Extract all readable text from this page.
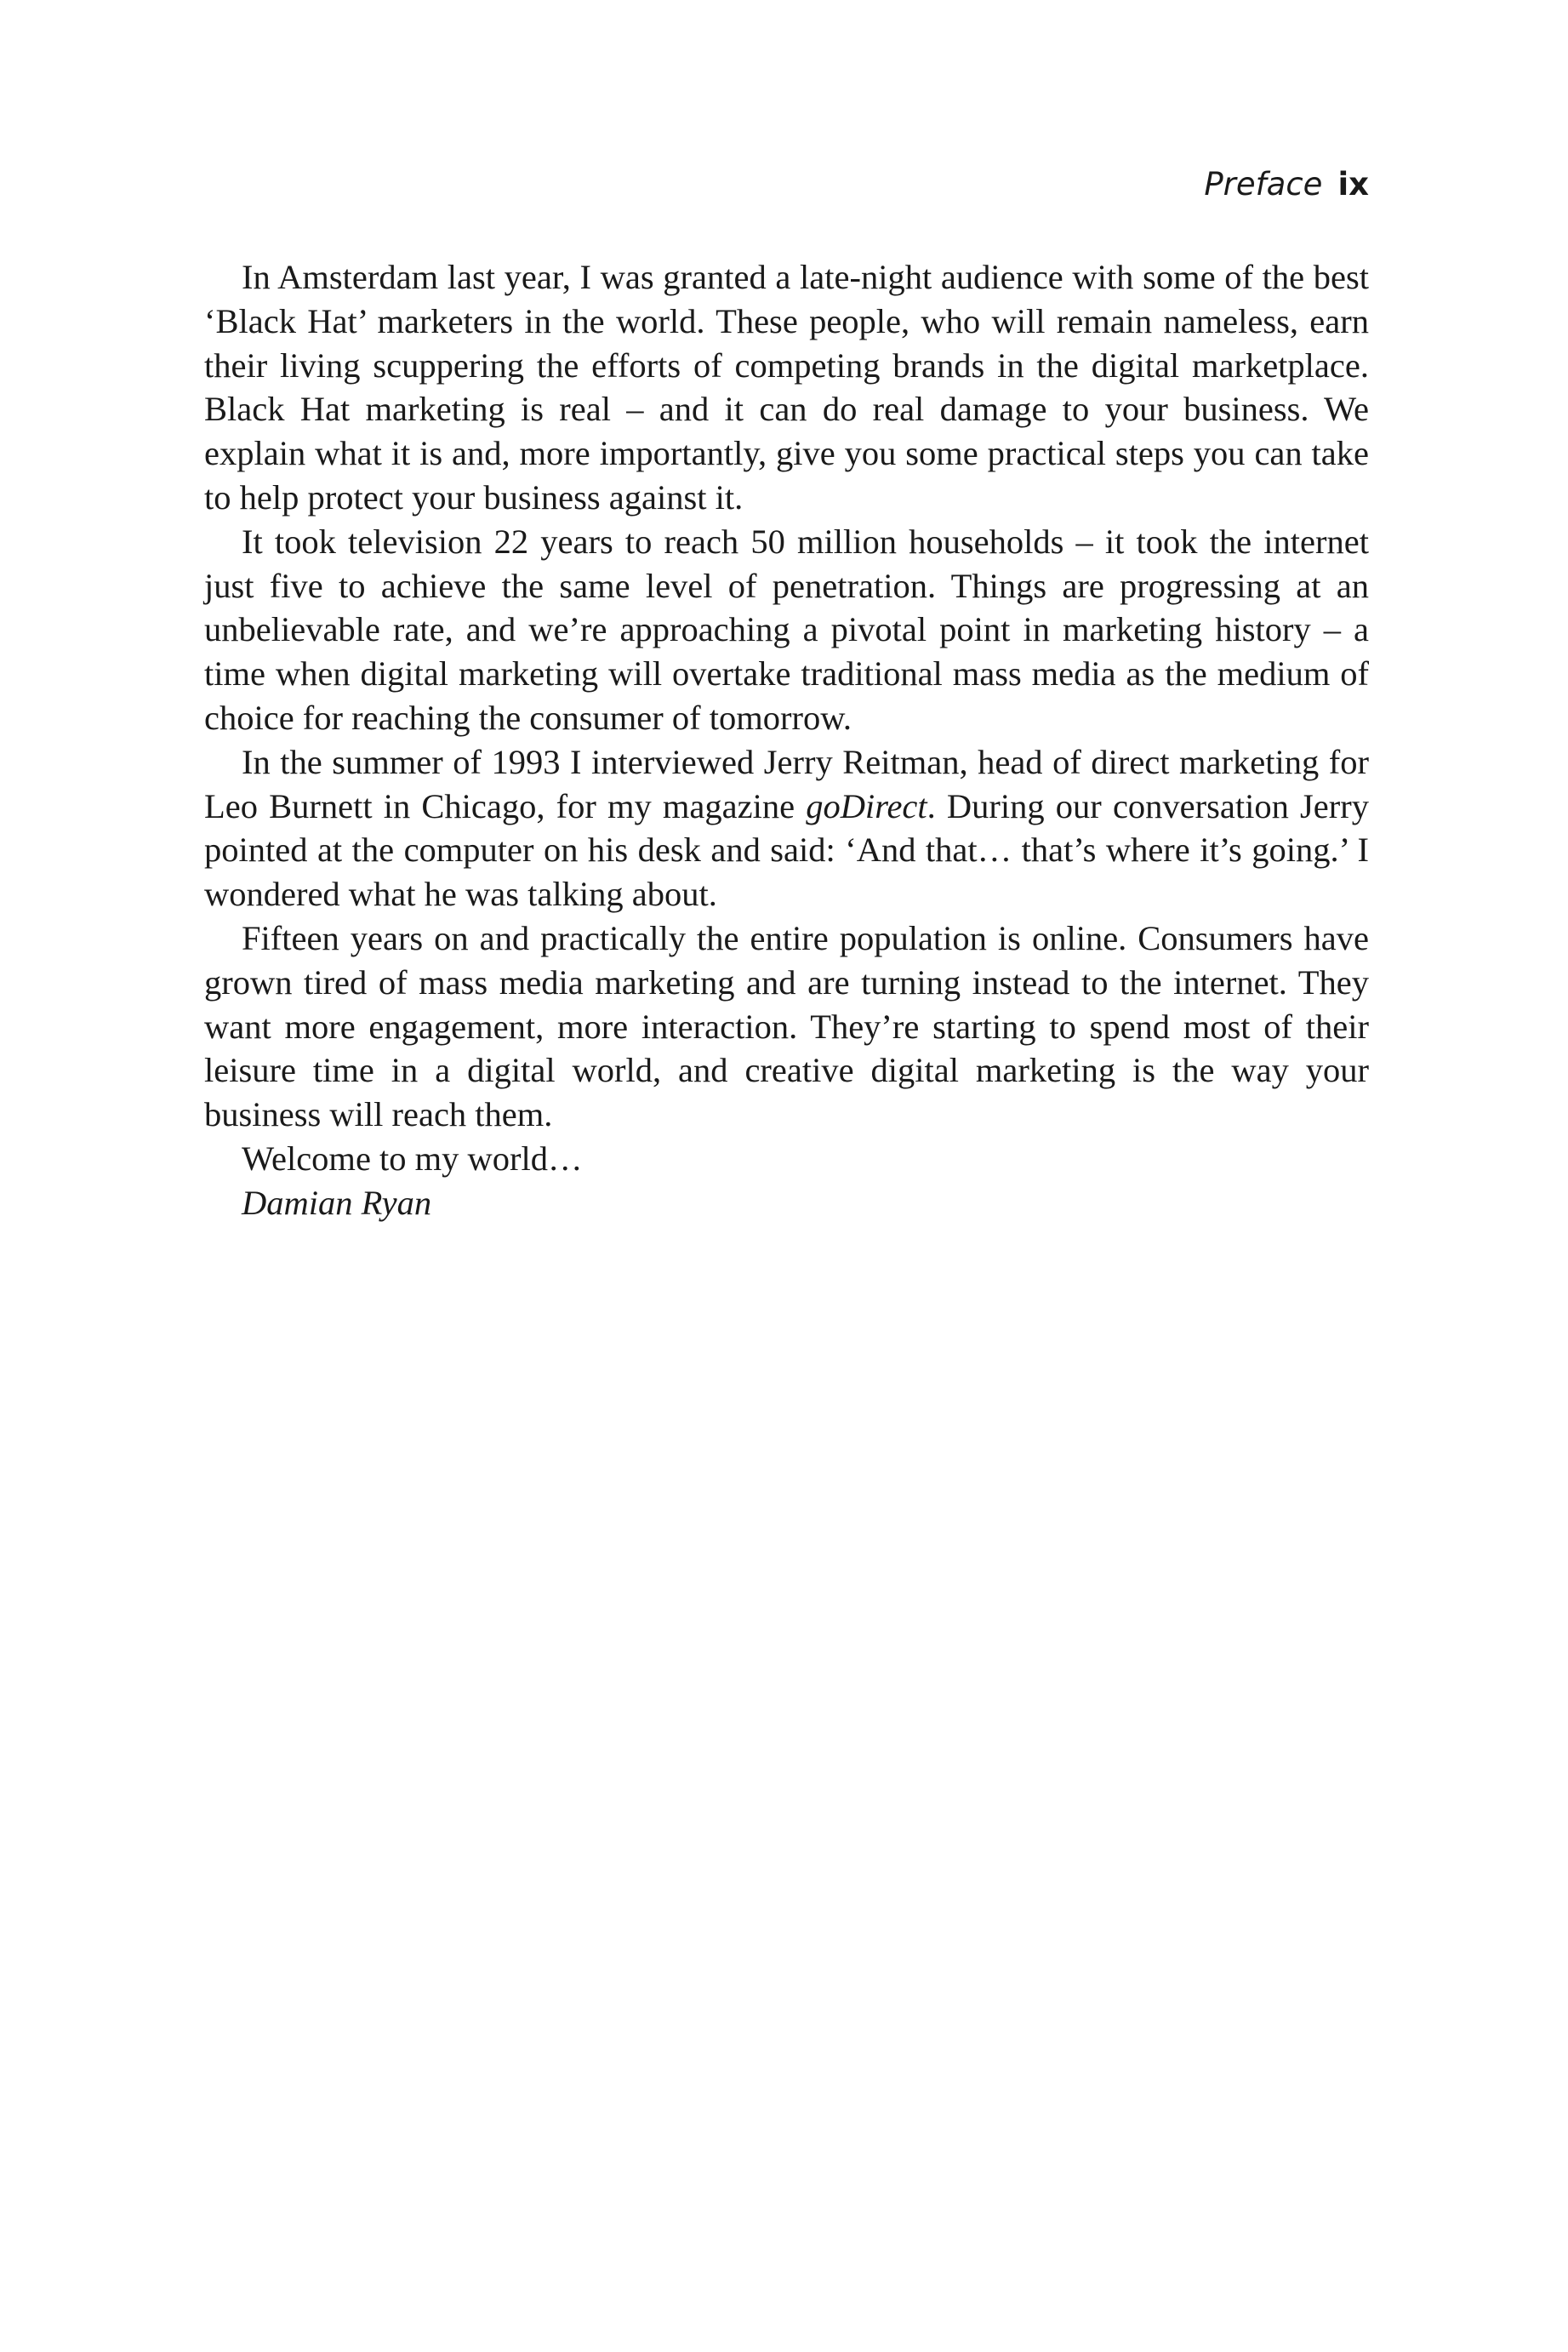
Preface ix

In Amsterdam last year, I was granted a late-night audience with some of the best ‘Black Hat’ marketers in the world. These people, who will remain nameless, earn their living scuppering the efforts of competing brands in the digital marketplace. Black Hat marketing is real – and it can do real damage to your business. We explain what it is and, more importantly, give you some practical steps you can take to help protect your business against it.

It took television 22 years to reach 50 million households – it took the internet just five to achieve the same level of penetration. Things are progressing at an unbelievable rate, and we’re approaching a pivotal point in marketing history – a time when digital marketing will overtake traditional mass media as the medium of choice for reaching the consumer of tomorrow.

In the summer of 1993 I interviewed Jerry Reitman, head of direct marketing for Leo Burnett in Chicago, for my magazine goDirect. During our conversation Jerry pointed at the computer on his desk and said: ‘And that… that’s where it’s going.’ I wondered what he was talking about.

Fifteen years on and practically the entire population is online. Consumers have grown tired of mass media marketing and are turning instead to the internet. They want more engagement, more interaction. They’re starting to spend most of their leisure time in a digital world, and creative digital marketing is the way your business will reach them.

Welcome to my world…

Damian Ryan
